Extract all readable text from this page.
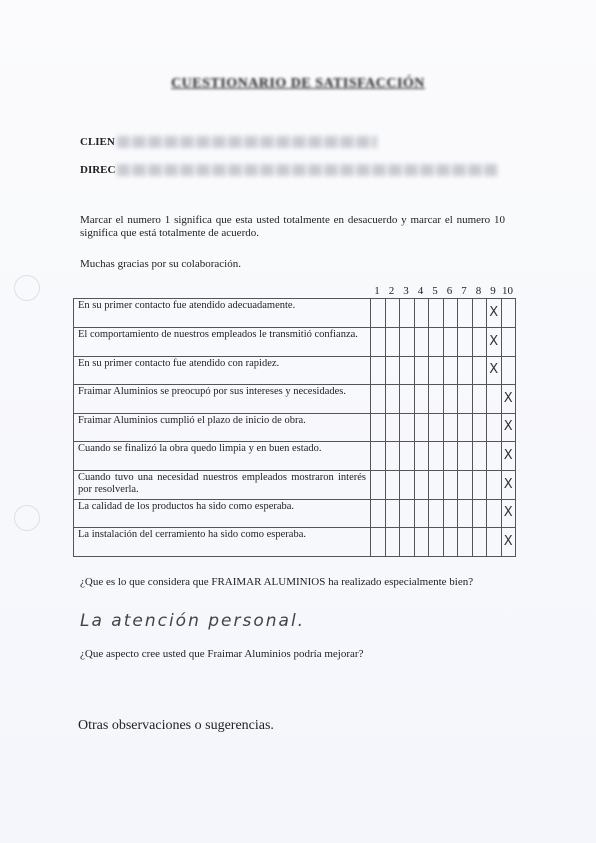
CUESTIONARIO DE SATISFACCIÓN
CLIEN
DIREC
Marcar el numero 1 significa que esta usted totalmente en desacuerdo y marcar el numero 10 significa que está totalmente de acuerdo.
Muchas gracias por su colaboración.
1 2 3 4 5 6 7 8 9 10
En su primer contacto fue atendido adecuadamente.									X	
El comportamiento de nuestros empleados le transmitió confianza.									X	
En su primer contacto fue atendido con rapidez.									X	
Fraimar Aluminios se preocupó por sus intereses y necesidades.										X
Fraimar Aluminios cumplió el plazo de inicio de obra.										X
Cuando se finalizó la obra quedo limpia y en buen estado.										X
Cuando tuvo una necesidad nuestros empleados mostraron interés por resolverla.										X
La calidad de los productos ha sido como esperaba.										X
La instalación del cerramiento ha sido como esperaba.										X
¿Que es lo que considera que FRAIMAR ALUMINIOS ha realizado especialmente bien?
La atención personal.
¿Que aspecto cree usted que Fraimar Aluminios podría mejorar?
Otras observaciones o sugerencias.
